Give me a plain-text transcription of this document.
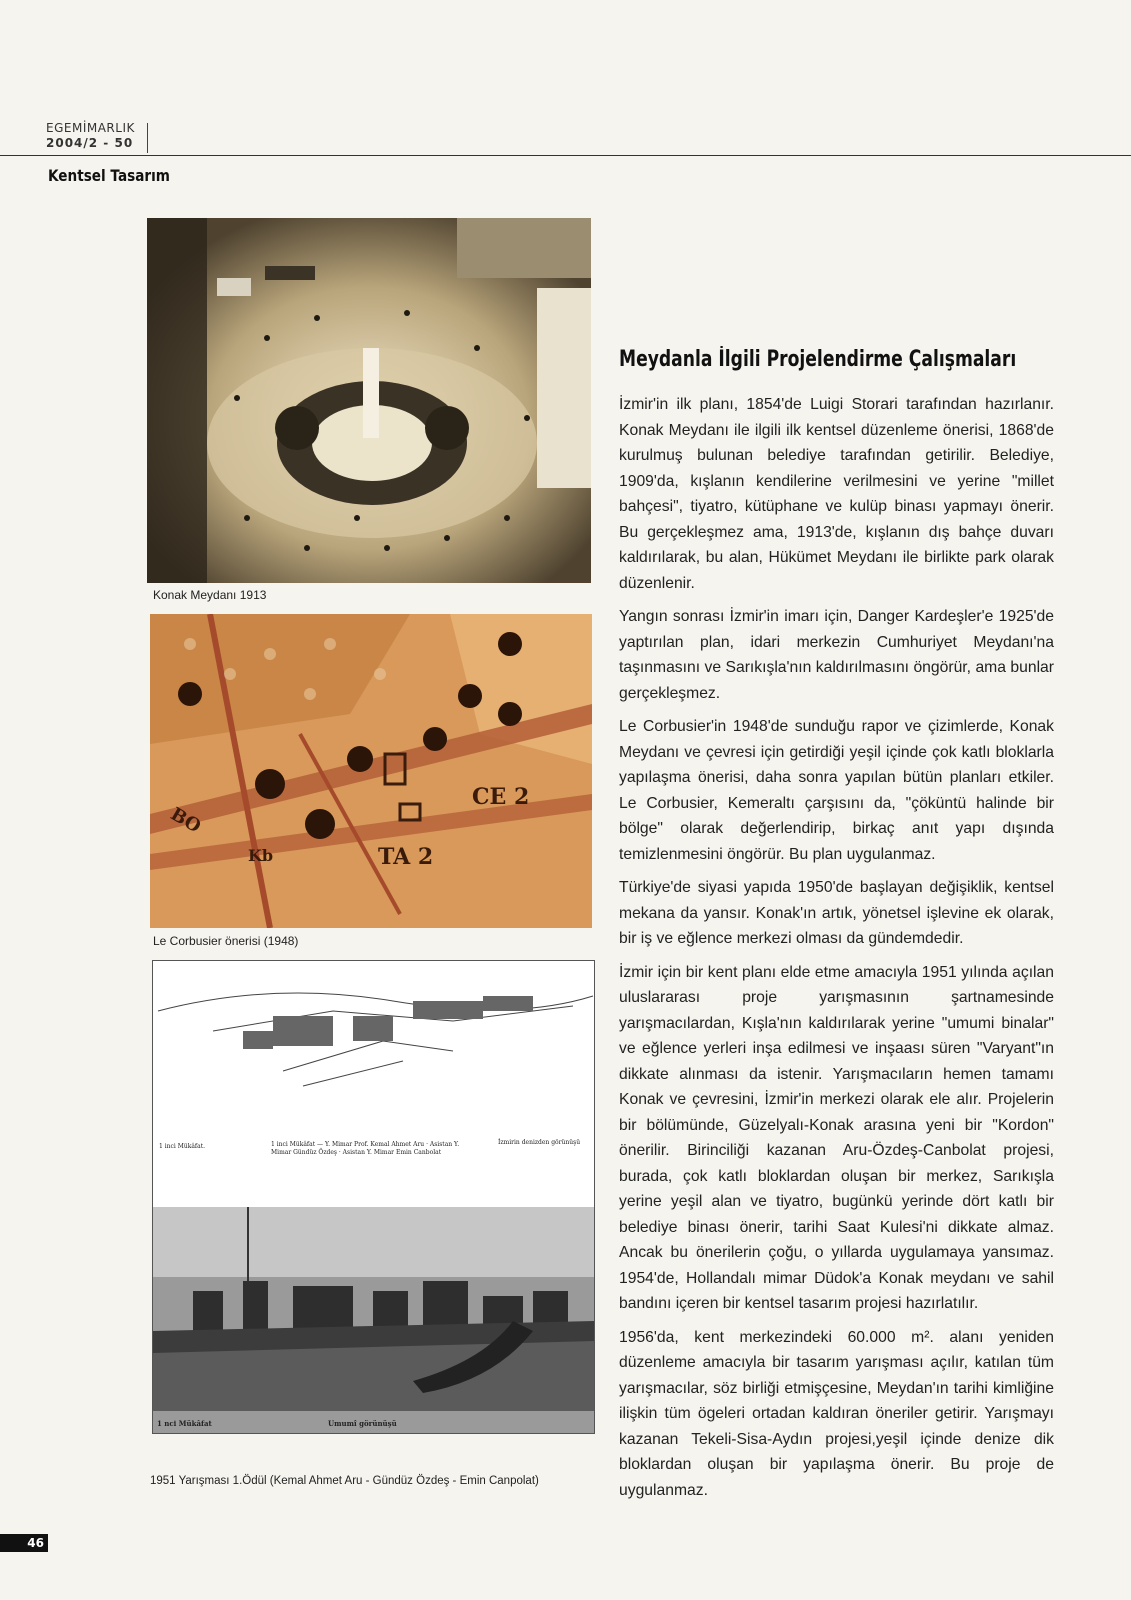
EGEMİMARLIK
2004/2 - 50
Kentsel Tasarım
Konak Meydanı 1913
CE 2
TA 2
Kb
BO
Le Corbusier önerisi (1948)
1 inci Mükâfat.	1 inci Mükâfat — Y. Mimar Prof. Kemal Ahmet Aru · Asistan Y. Mimar Gündüz Özdeş · Asistan Y. Mimar Emin Canbolat
İzmirin denizden görünüşü
1 nci Mükâfat	Umumî görünüşü
1951 Yarışması 1.Ödül (Kemal Ahmet Aru - Gündüz Özdeş - Emin Canpolat)
Meydanla İlgili Projelendirme Çalışmaları

İzmir'in ilk planı, 1854'de Luigi Storari tarafından hazırlanır. Konak Meydanı ile ilgili ilk kentsel düzenleme önerisi, 1868'de kurulmuş bulunan belediye tarafından getirilir. Belediye, 1909'da, kışlanın kendilerine verilmesini ve yerine "millet bahçesi", tiyatro, kütüphane ve kulüp binası yapmayı önerir. Bu gerçekleşmez ama, 1913'de, kışlanın dış bahçe duvarı kaldırılarak, bu alan, Hükümet Meydanı ile birlikte park olarak düzenlenir.

Yangın sonrası İzmir'in imarı için, Danger Kardeşler'e 1925'de yaptırılan plan, idari merkezin Cumhuriyet Meydanı'na taşınmasını ve Sarıkışla'nın kaldırılmasını öngörür, ama bunlar gerçekleşmez.

Le Corbusier'in 1948'de sunduğu rapor ve çizimlerde, Konak Meydanı ve çevresi için getirdiği yeşil içinde çok katlı bloklarla yapılaşma önerisi, daha sonra yapılan bütün planları etkiler. Le Corbusier, Kemeraltı çarşısını da, "çöküntü halinde bir bölge" olarak değerlendirip, birkaç anıt yapı dışında temizlenmesini öngörür. Bu plan uygulanmaz.

Türkiye'de siyasi yapıda 1950'de başlayan değişiklik, kentsel mekana da yansır. Konak'ın artık, yönetsel işlevine ek olarak, bir iş ve eğlence merkezi olması da gündemdedir.

İzmir için bir kent planı elde etme amacıyla 1951 yılında açılan uluslararası proje yarışmasının şartnamesinde yarışmacılardan, Kışla'nın kaldırılarak yerine "umumi binalar" ve eğlence yerleri inşa edilmesi ve inşaası süren "Varyant"ın dikkate alınması da istenir. Yarışmacıların hemen tamamı Konak ve çevresini, İzmir'in merkezi olarak ele alır. Projelerin bir bölümünde, Güzelyalı-Konak arasına yeni bir "Kordon" önerilir. Birinciliği kazanan Aru-Özdeş-Canbolat projesi, burada, çok katlı bloklardan oluşan bir merkez, Sarıkışla yerine yeşil alan ve tiyatro, bugünkü yerinde dört katlı bir belediye binası önerir, tarihi Saat Kulesi'ni dikkate almaz. Ancak bu önerilerin çoğu, o yıllarda uygulamaya yansımaz. 1954'de, Hollandalı mimar Düdok'a Konak meydanı ve sahil bandını içeren bir kentsel tasarım projesi hazırlatılır.

1956'da, kent merkezindeki 60.000 m². alanı yeniden düzenleme amacıyla bir tasarım yarışması açılır, katılan tüm yarışmacılar, söz birliği etmişçesine, Meydan'ın tarihi kimliğine ilişkin tüm ögeleri ortadan kaldıran öneriler getirir. Yarışmayı kazanan Tekeli-Sisa-Aydın projesi,yeşil içinde denize dik bloklardan oluşan bir yapılaşma önerir. Bu proje de uygulanmaz.

46
